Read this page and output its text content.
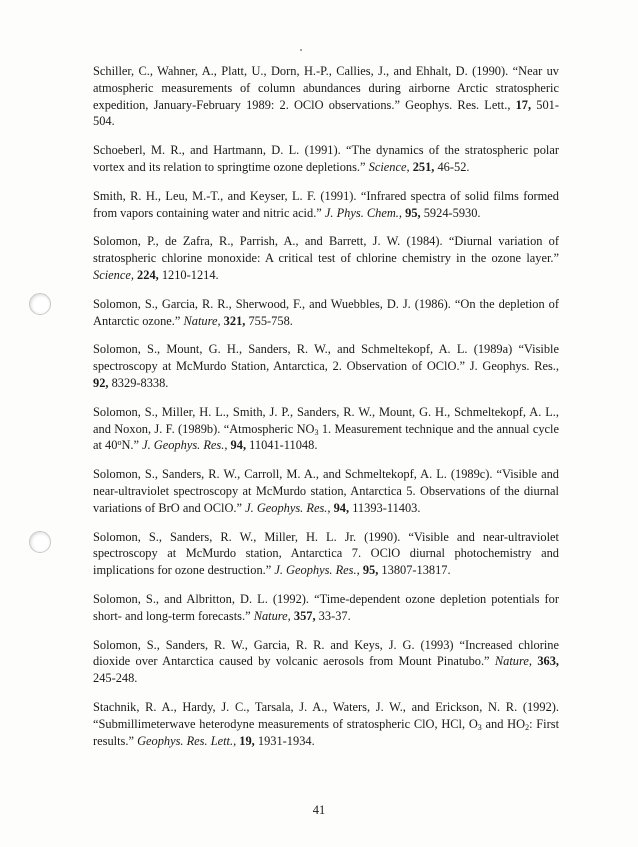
Schiller, C., Wahner, A., Platt, U., Dorn, H.-P., Callies, J., and Ehhalt, D. (1990). “Near uv atmospheric measurements of column abundances during airborne Arctic stratospheric expedition, January-February 1989: 2. OClO observations.” Geophys. Res. Lett., 17, 501-504.

Schoeberl, M. R., and Hartmann, D. L. (1991). “The dynamics of the stratospheric polar vortex and its relation to springtime ozone depletions.” Science, 251, 46-52.

Smith, R. H., Leu, M.-T., and Keyser, L. F. (1991). “Infrared spectra of solid films formed from vapors containing water and nitric acid.” J. Phys. Chem., 95, 5924-5930.

Solomon, P., de Zafra, R., Parrish, A., and Barrett, J. W. (1984). “Diurnal variation of stratospheric chlorine monoxide: A critical test of chlorine chemistry in the ozone layer.” Science, 224, 1210-1214.

Solomon, S., Garcia, R. R., Sherwood, F., and Wuebbles, D. J. (1986). “On the depletion of Antarctic ozone.” Nature, 321, 755-758.

Solomon, S., Mount, G. H., Sanders, R. W., and Schmeltekopf, A. L. (1989a) “Visible spectroscopy at McMurdo Station, Antarctica, 2. Observation of OClO.” J. Geophys. Res., 92, 8329-8338.

Solomon, S., Miller, H. L., Smith, J. P., Sanders, R. W., Mount, G. H., Schmeltekopf, A. L., and Noxon, J. F. (1989b). “Atmospheric $NO_3$ 1. Measurement technique and the annual cycle at 40$^o$N.” J. Geophys. Res., 94, 11041-11048.

Solomon, S., Sanders, R. W., Carroll, M. A., and Schmeltekopf, A. L. (1989c). “Visible and near-ultraviolet spectroscopy at McMurdo station, Antarctica 5. Observations of the diurnal variations of BrO and OClO.” J. Geophys. Res., 94, 11393-11403.

Solomon, S., Sanders, R. W., Miller, H. L. Jr. (1990). “Visible and near-ultraviolet spectroscopy at McMurdo station, Antarctica 7. OClO diurnal photochemistry and implications for ozone destruction.” J. Geophys. Res., 95, 13807-13817.

Solomon, S., and Albritton, D. L. (1992). “Time-dependent ozone depletion potentials for short- and long-term forecasts.” Nature, 357, 33-37.

Solomon, S., Sanders, R. W., Garcia, R. R. and Keys, J. G. (1993) “Increased chlorine dioxide over Antarctica caused by volcanic aerosols from Mount Pinatubo.” Nature, 363, 245-248.

Stachnik, R. A., Hardy, J. C., Tarsala, J. A., Waters, J. W., and Erickson, N. R. (1992). “Submillimeterwave heterodyne measurements of stratospheric ClO, HCl, $O_3$ and $HO_2$: First results.” Geophys. Res. Lett., 19, 1931-1934.

41
